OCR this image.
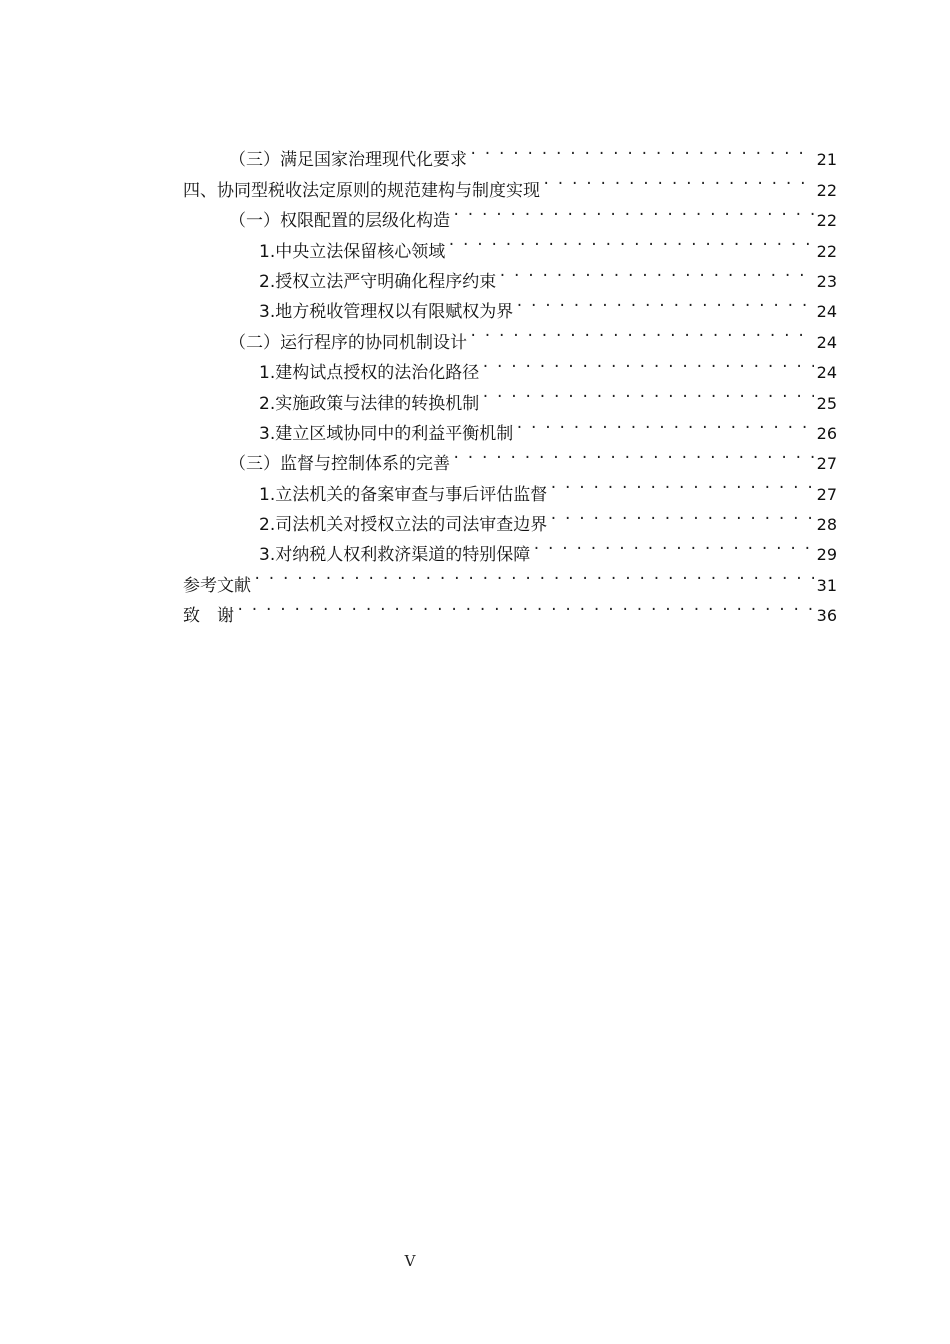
（三）满足国家治理现代化要求 . . .	21
四、协同型税收法定原则的规范建构与制度实现 . . .	22
（一）权限配置的层级化构造 . . .	22
1.中央立法保留核心领域 . . .	22
2.授权立法严守明确化程序约束 . . .	23
3.地方税收管理权以有限赋权为界 . . .	24
（二）运行程序的协同机制设计 . . .	24
1.建构试点授权的法治化路径 . . .	24
2.实施政策与法律的转换机制 . . .	25
3.建立区域协同中的利益平衡机制 . . .	26
（三）监督与控制体系的完善 . . .	27
1.立法机关的备案审查与事后评估监督 . . .	27
2.司法机关对授权立法的司法审查边界 . . .	28
3.对纳税人权利救济渠道的特别保障 . . .	29
参考文献 . . .	31
致　谢 . . .	36
V
